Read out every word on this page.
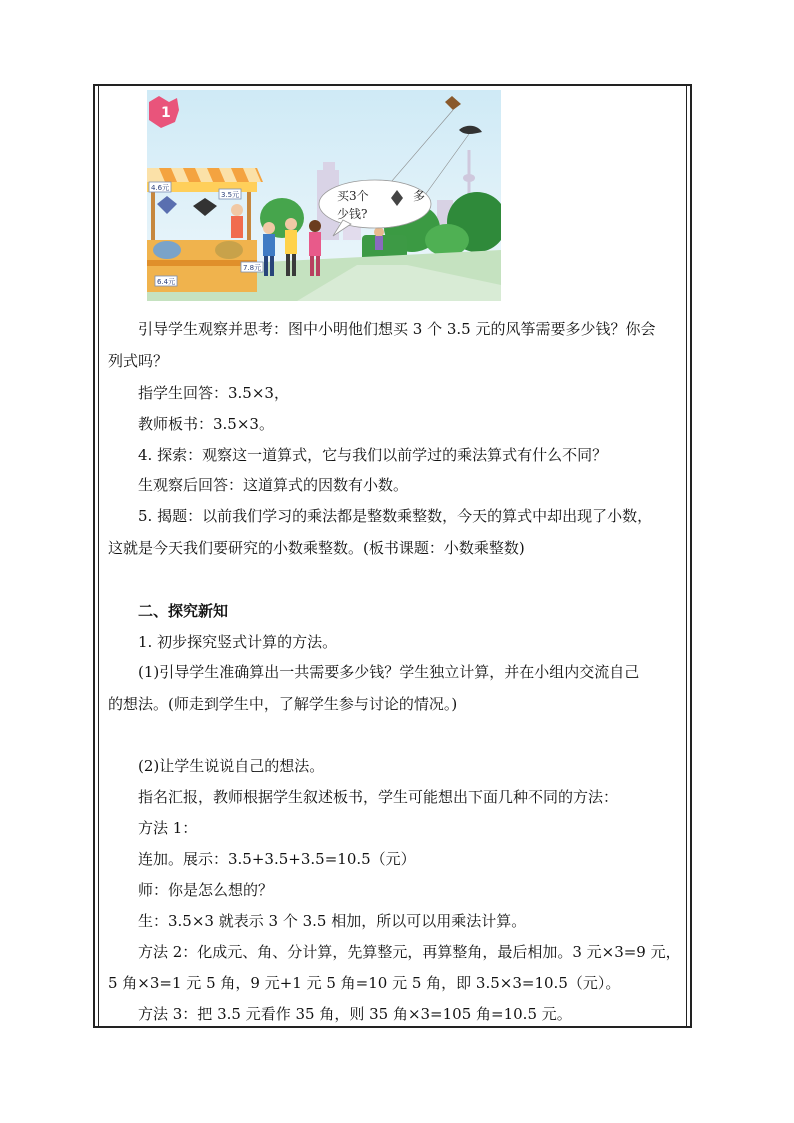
1
4.6元
3.5元
7.8元
6.4元
买3个	多
少钱?
引导学生观察并思考：图中小明他们想买 3 个 3.5 元的风筝需要多少钱？你会
列式吗？
指学生回答：3.5×3，
教师板书：3.5×3。
4. 探索：观察这一道算式，它与我们以前学过的乘法算式有什么不同？
生观察后回答：这道算式的因数有小数。
5. 揭题：以前我们学习的乘法都是整数乘整数，今天的算式中却出现了小数，
这就是今天我们要研究的小数乘整数。(板书课题：小数乘整数)
二、探究新知
1. 初步探究竖式计算的方法。
(1)引导学生准确算出一共需要多少钱？学生独立计算，并在小组内交流自己
的想法。(师走到学生中，了解学生参与讨论的情况。)
(2)让学生说说自己的想法。
指名汇报，教师根据学生叙述板书，学生可能想出下面几种不同的方法：
方法 1：
连加。展示：3.5+3.5+3.5=10.5（元）
师：你是怎么想的？
生：3.5×3 就表示 3 个 3.5 相加，所以可以用乘法计算。
方法 2：化成元、角、分计算，先算整元，再算整角，最后相加。3 元×3=9 元，
5 角×3=1 元 5 角，9 元+1 元 5 角=10 元 5 角，即 3.5×3=10.5（元）。
方法 3：把 3.5 元看作 35 角，则 35 角×3=105 角=10.5 元。
